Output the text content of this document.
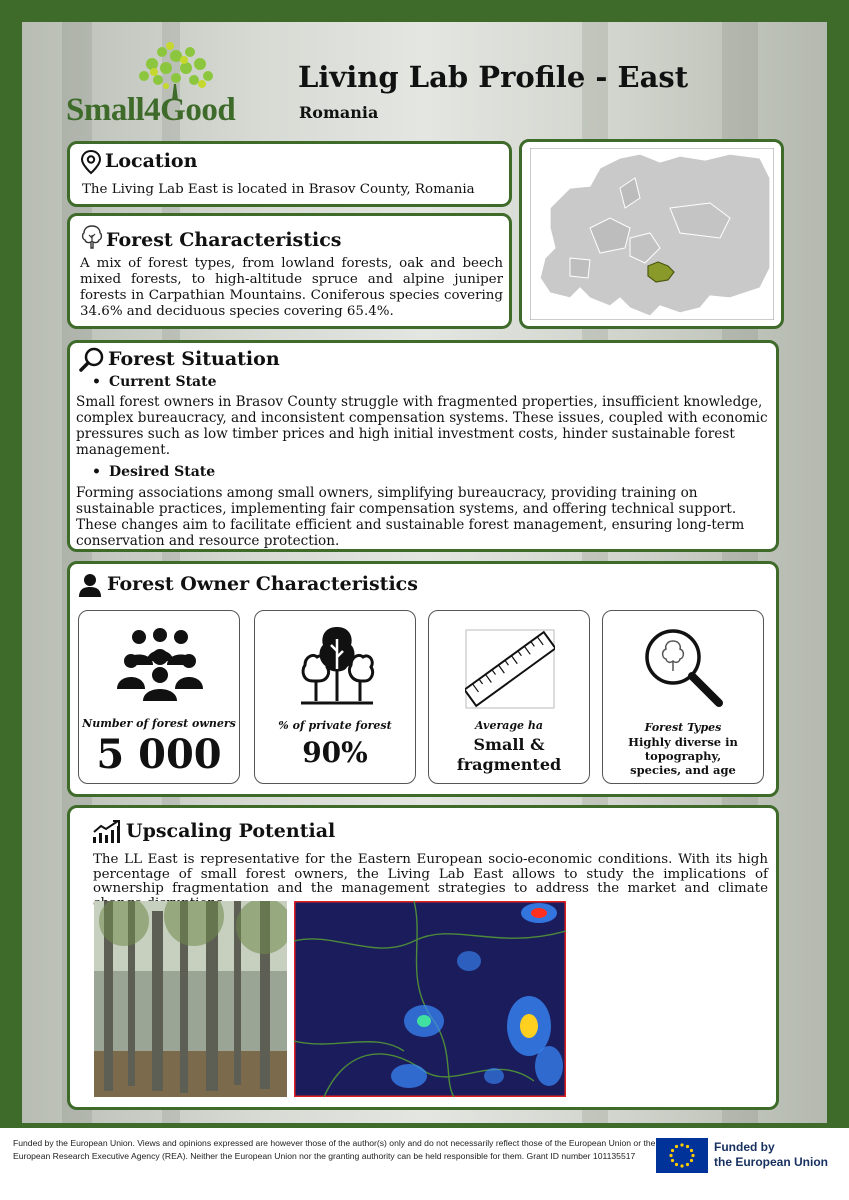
Small4Good
Living Lab Profile - East
Romania
Location
The Living Lab East is located in Brasov County, Romania
Forest Characteristics
A mix of forest types, from lowland forests, oak and beech mixed forests, to high-altitude spruce and alpine juniper forests in Carpathian Mountains. Coniferous species covering 34.6% and deciduous species covering 65.4%.
Forest Situation
• Current State
Small forest owners in Brasov County struggle with fragmented properties, insufficient knowledge, complex bureaucracy, and inconsistent compensation systems. These issues, coupled with economic pressures such as low timber prices and high initial investment costs, hinder sustainable forest management.
• Desired State
Forming associations among small owners, simplifying bureaucracy, providing training on sustainable practices, implementing fair compensation systems, and offering technical support. These changes aim to facilitate efficient and sustainable forest management, ensuring long-term conservation and resource protection.
Forest Owner Characteristics
Number of forest owners
5 000
% of private forest
90%
Average ha
Small & fragmented
Forest Types
Highly diverse in topography, species, and age
Upscaling Potential
The LL East is representative for the Eastern European socio-economic conditions. With its high percentage of small forest owners, the Living Lab East allows to study the implications of ownership fragmentation and the management strategies to address the market and climate
Funded by the European Union. Views and opinions expressed are however those of the author(s) only and do not necessarily reflect those of the European Union or the European Research Executive Agency (REA). Neither the European Union nor the granting authority can be held responsible for them. Grant ID number 101135517
Funded by
the European Union
